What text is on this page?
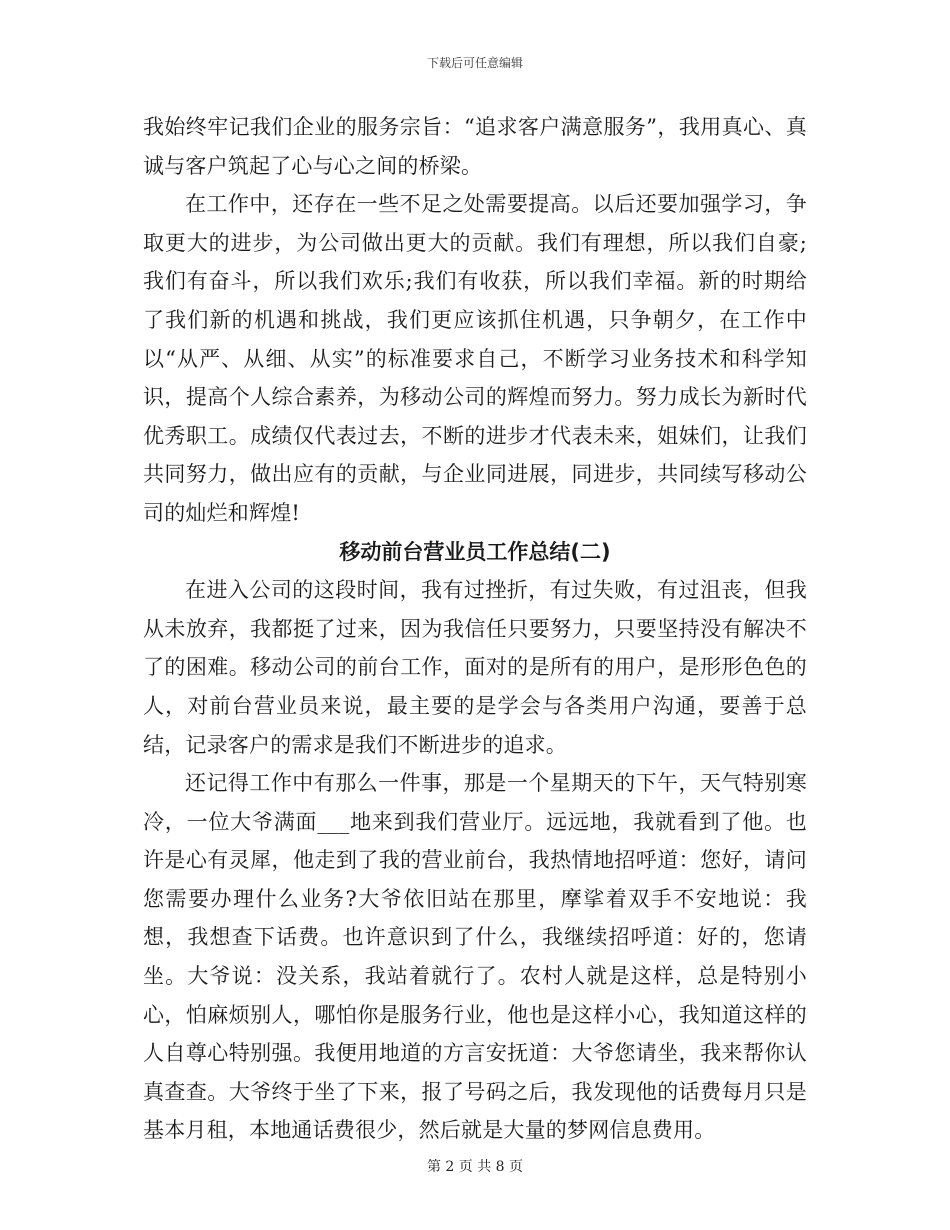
下载后可任意编辑

我始终牢记我们企业的服务宗旨：“追求客户满意服务”，我用真心、真诚与客户筑起了心与心之间的桥梁。

在工作中，还存在一些不足之处需要提高。以后还要加强学习，争取更大的进步，为公司做出更大的贡献。我们有理想，所以我们自豪;我们有奋斗，所以我们欢乐;我们有收获，所以我们幸福。新的时期给了我们新的机遇和挑战，我们更应该抓住机遇，只争朝夕，在工作中以“从严、从细、从实”的标准要求自己，不断学习业务技术和科学知识，提高个人综合素养，为移动公司的辉煌而努力。努力成长为新时代优秀职工。成绩仅代表过去，不断的进步才代表未来，姐妹们，让我们共同努力，做出应有的贡献，与企业同进展，同进步，共同续写移动公司的灿烂和辉煌!

移动前台营业员工作总结(二)

在进入公司的这段时间，我有过挫折，有过失败，有过沮丧，但我从未放弃，我都挺了过来，因为我信任只要努力，只要坚持没有解决不了的困难。移动公司的前台工作，面对的是所有的用户，是形形色色的人，对前台营业员来说，最主要的是学会与各类用户沟通，要善于总结，记录客户的需求是我们不断进步的追求。

还记得工作中有那么一件事，那是一个星期天的下午，天气特别寒冷，一位大爷满面___地来到我们营业厅。远远地，我就看到了他。也许是心有灵犀，他走到了我的营业前台，我热情地招呼道：您好，请问您需要办理什么业务?大爷依旧站在那里，摩挲着双手不安地说：我想，我想查下话费。也许意识到了什么，我继续招呼道：好的，您请坐。大爷说：没关系，我站着就行了。农村人就是这样，总是特别小心，怕麻烦别人，哪怕你是服务行业，他也是这样小心，我知道这样的人自尊心特别强。我便用地道的方言安抚道：大爷您请坐，我来帮你认真查查。大爷终于坐了下来，报了号码之后，我发现他的话费每月只是基本月租，本地通话费很少，然后就是大量的梦网信息费用。

第 2 页 共 8 页
